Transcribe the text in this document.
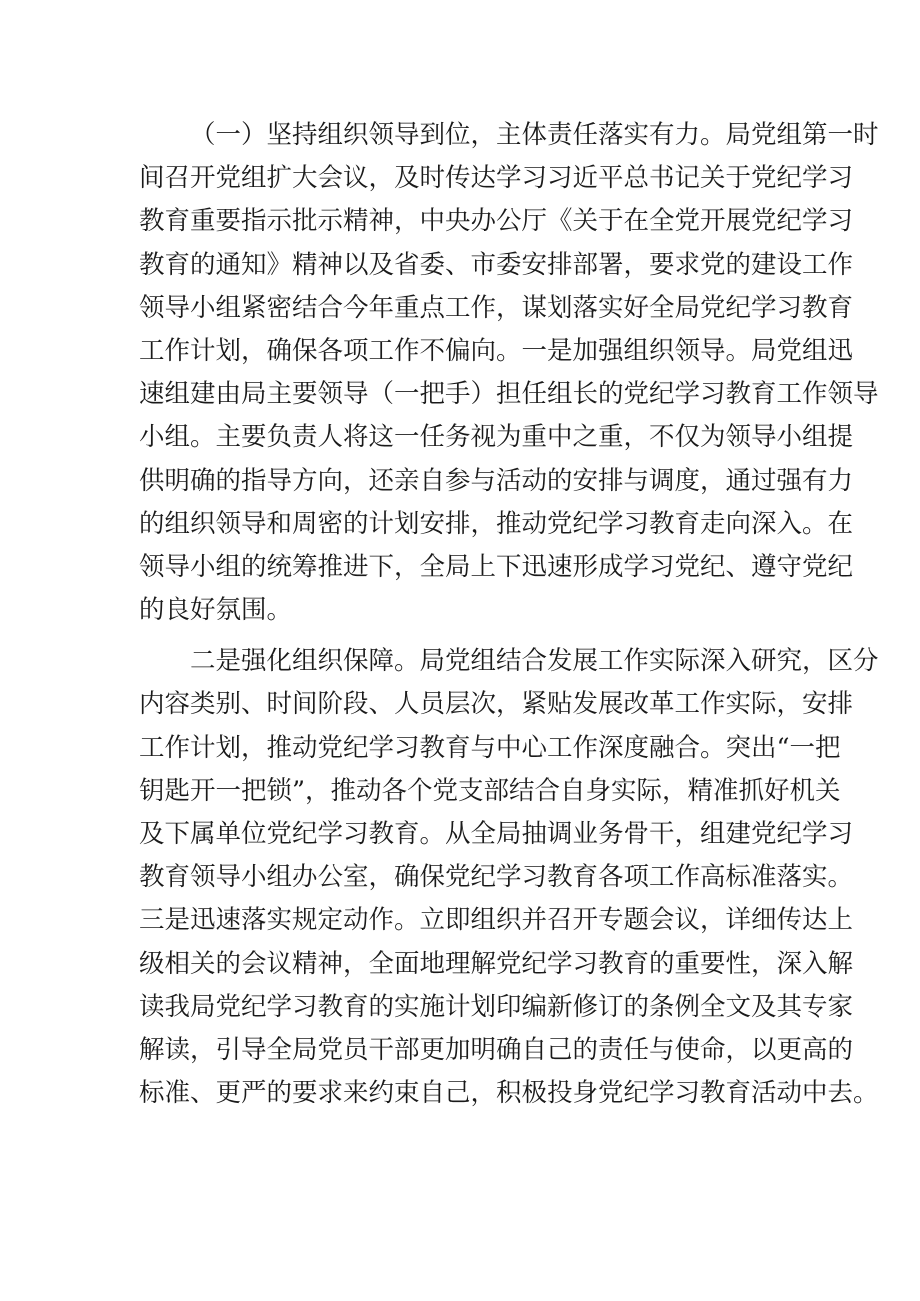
（一）坚持组织领导到位，主体责任落实有力。局党组第一时
间召开党组扩大会议，及时传达学习习近平总书记关于党纪学习
教育重要指示批示精神，中央办公厅《关于在全党开展党纪学习
教育的通知》精神以及省委、市委安排部署，要求党的建设工作
领导小组紧密结合今年重点工作，谋划落实好全局党纪学习教育
工作计划，确保各项工作不偏向。一是加强组织领导。局党组迅
速组建由局主要领导（一把手）担任组长的党纪学习教育工作领导
小组。主要负责人将这一任务视为重中之重，不仅为领导小组提
供明确的指导方向，还亲自参与活动的安排与调度，通过强有力
的组织领导和周密的计划安排，推动党纪学习教育走向深入。在
领导小组的统筹推进下，全局上下迅速形成学习党纪、遵守党纪
的良好氛围。
二是强化组织保障。局党组结合发展工作实际深入研究，区分
内容类别、时间阶段、人员层次，紧贴发展改革工作实际，安排
工作计划，推动党纪学习教育与中心工作深度融合。突出“一把
钥匙开一把锁”，推动各个党支部结合自身实际，精准抓好机关
及下属单位党纪学习教育。从全局抽调业务骨干，组建党纪学习
教育领导小组办公室，确保党纪学习教育各项工作高标准落实。
三是迅速落实规定动作。立即组织并召开专题会议，详细传达上
级相关的会议精神，全面地理解党纪学习教育的重要性，深入解
读我局党纪学习教育的实施计划印编新修订的条例全文及其专家
解读，引导全局党员干部更加明确自己的责任与使命，以更高的
标准、更严的要求来约束自己，积极投身党纪学习教育活动中去。
